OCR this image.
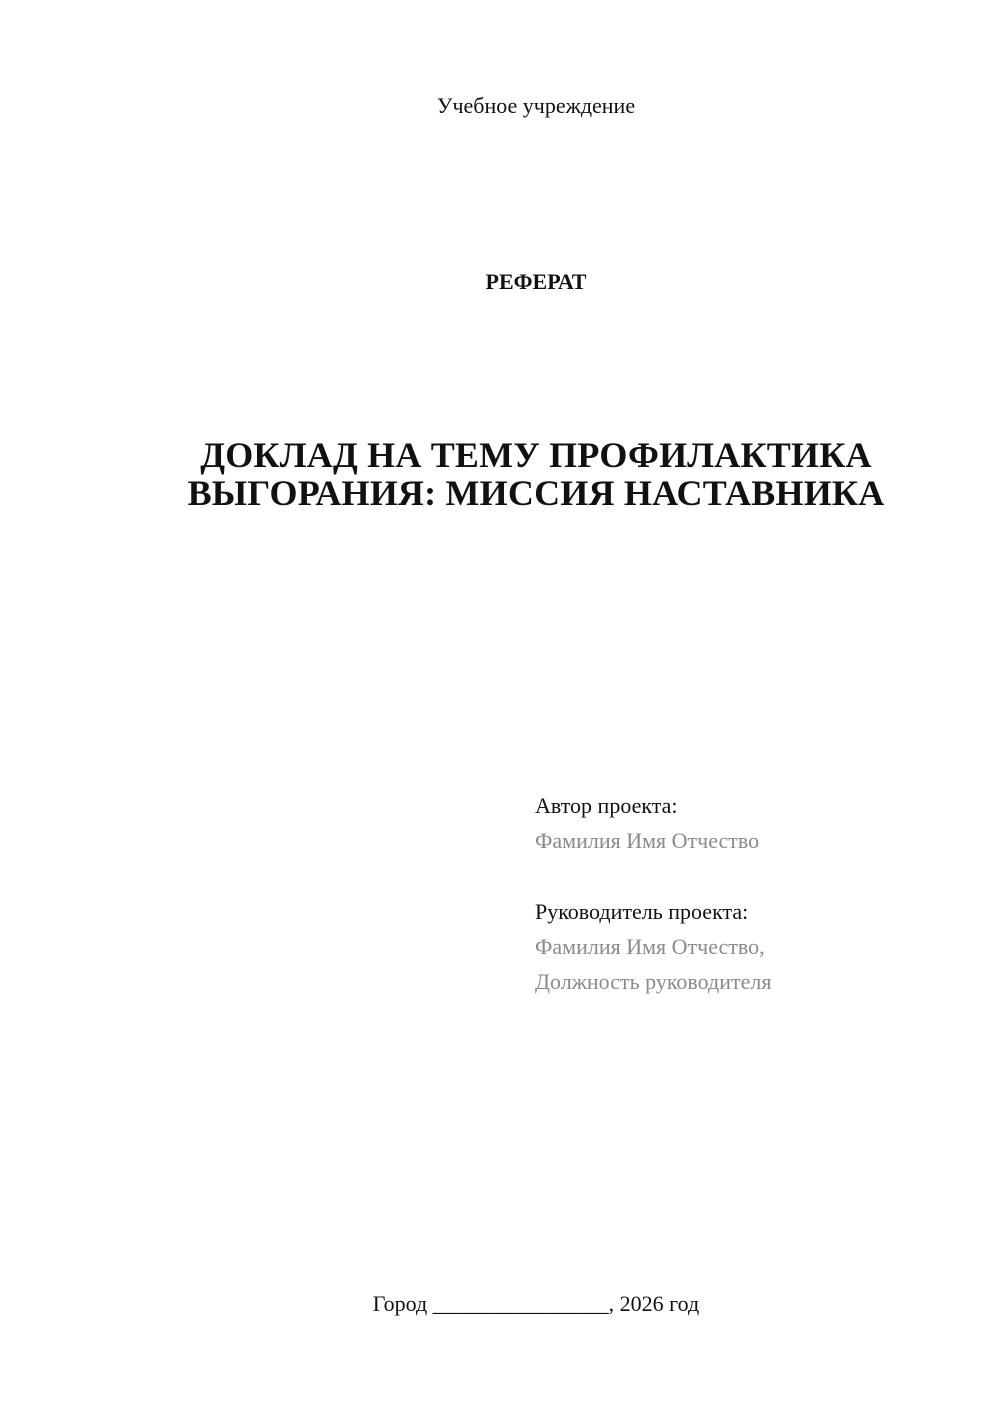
Учебное учреждение
РЕФЕРАТ
ДОКЛАД НА ТЕМУ ПРОФИЛАКТИКА
ВЫГОРАНИЯ: МИССИЯ НАСТАВНИКА
Автор проекта:
Фамилия Имя Отчество
Руководитель проекта:
Фамилия Имя Отчество,
Должность руководителя
Город ________________, 2026 год
